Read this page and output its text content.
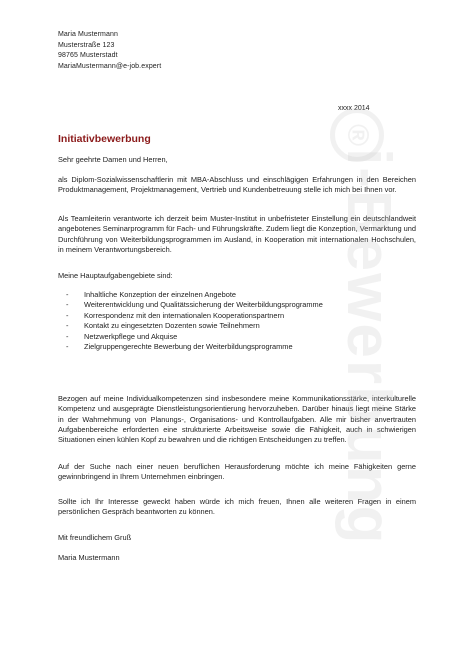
Maria Mustermann
Musterstraße 123
98765 Musterstadt
MariaMustermann@e-job.expert
xxxx 2014
Initiativbewerbung
Sehr geehrte Damen und Herren,
als Diplom-Sozialwissenschaftlerin mit MBA-Abschluss und einschlägigen Erfahrungen in den Bereichen Produktmanagement, Projektmanagement, Vertrieb und Kundenbetreuung stelle ich mich bei Ihnen vor.
Als Teamleiterin verantworte ich derzeit beim Muster-Institut in unbefristeter Einstellung ein deutschlandweit angebotenes Seminarprogramm für Fach- und Führungskräfte. Zudem liegt die Konzeption, Vermarktung und Durchführung von Weiterbildungsprogrammen im Ausland, in Kooperation mit internationalen Hochschulen, in meinem Verantwortungsbereich.
Meine Hauptaufgabengebiete sind:
- Inhaltliche Konzeption der einzelnen Angebote
- Weiterentwicklung und Qualitätssicherung der Weiterbildungsprogramme
- Korrespondenz mit den internationalen Kooperationspartnern
- Kontakt zu eingesetzten Dozenten sowie Teilnehmern
- Netzwerkpflege und Akquise
- Zielgruppengerechte Bewerbung der Weiterbildungsprogramme
Bezogen auf meine Individualkompetenzen sind insbesondere meine Kommunikationsstärke, interkulturelle Kompetenz und ausgeprägte Dienstleistungsorientierung hervorzuheben. Darüber hinaus liegt meine Stärke in der Wahrnehmung von Planungs-, Organisations- und Kontrollaufgaben. Alle mir bisher anvertrauten Aufgabenbereiche erforderten eine strukturierte Arbeitsweise sowie die Fähigkeit, auch in schwierigen Situationen einen kühlen Kopf zu bewahren und die richtigen Entscheidungen zu treffen.
Auf der Suche nach einer neuen beruflichen Herausforderung möchte ich meine Fähigkeiten gerne gewinnbringend in Ihrem Unternehmen einbringen.
Sollte ich Ihr Interesse geweckt haben würde ich mich freuen, Ihnen alle weiteren Fragen in einem persönlichen Gespräch beantworten zu können.
Mit freundlichem Gruß
Maria Mustermann
®
i-Bewerbung
